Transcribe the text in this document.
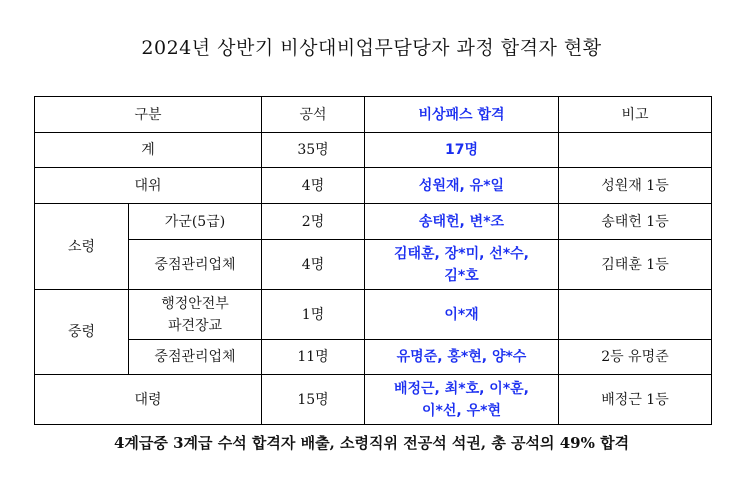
2024년 상반기 비상대비업무담당자 과정 합격자 현황
구분		공석	비상패스 합격	비고
계		35명	17명	
대위		4명	성원재, 유*일	성원재 1등
소령	가군(5급)	2명	송태헌, 변*조	송태헌 1등
	중점관리업체	4명	김태훈, 장*미, 선*수,
김*호	김태훈 1등
중령	행정안전부
파견장교	1명	이*재	
	중점관리업체	11명	유명준, 홍*현, 양*수	2등 유명준
대령		15명	배정근, 최*호, 이*훈,
이*선, 우*현	배정근 1등
4계급중 3계급 수석 합격자 배출, 소령직위 전공석 석권, 총 공석의 49% 합격
